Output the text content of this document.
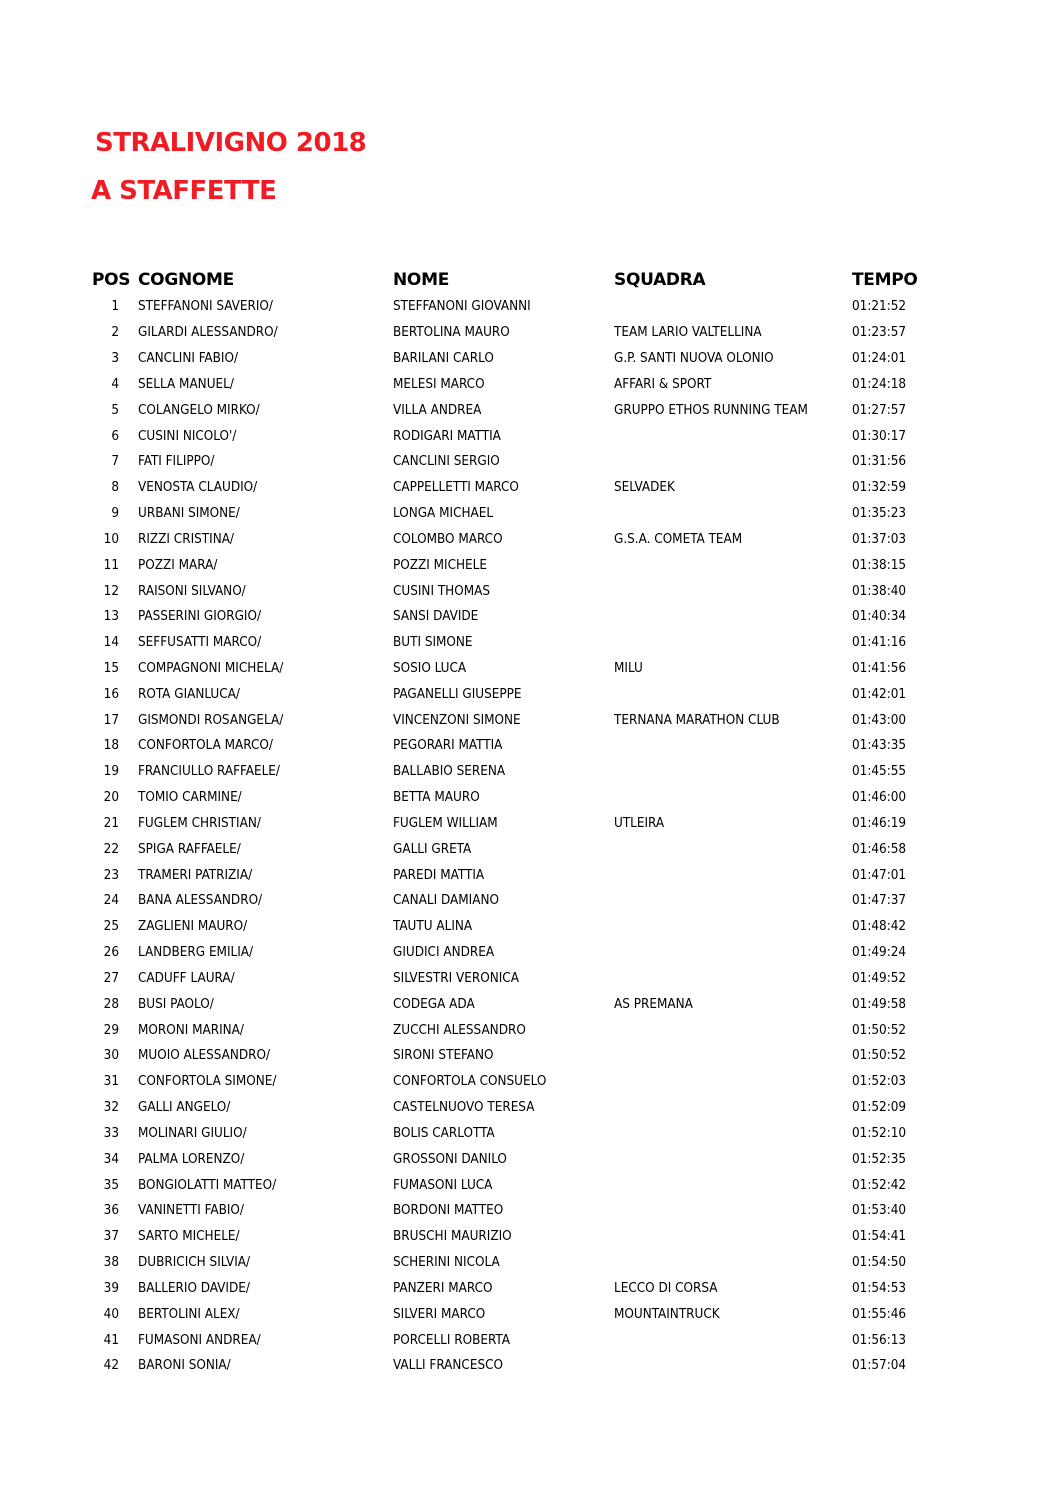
STRALIVIGNO 2018
A STAFFETTE
POS	COGNOME	NOME	SQUADRA	TEMPO
1	STEFFANONI SAVERIO/	STEFFANONI GIOVANNI		01:21:52
2	GILARDI ALESSANDRO/	BERTOLINA MAURO	TEAM LARIO VALTELLINA	01:23:57
3	CANCLINI FABIO/	BARILANI CARLO	G.P. SANTI NUOVA OLONIO	01:24:01
4	SELLA MANUEL/	MELESI MARCO	AFFARI & SPORT	01:24:18
5	COLANGELO MIRKO/	VILLA ANDREA	GRUPPO ETHOS RUNNING TEAM	01:27:57
6	CUSINI NICOLO'/	RODIGARI MATTIA		01:30:17
7	FATI FILIPPO/	CANCLINI SERGIO		01:31:56
8	VENOSTA CLAUDIO/	CAPPELLETTI MARCO	SELVADEK	01:32:59
9	URBANI SIMONE/	LONGA MICHAEL		01:35:23
10	RIZZI CRISTINA/	COLOMBO MARCO	G.S.A. COMETA TEAM	01:37:03
11	POZZI MARA/	POZZI MICHELE		01:38:15
12	RAISONI SILVANO/	CUSINI THOMAS		01:38:40
13	PASSERINI GIORGIO/	SANSI DAVIDE		01:40:34
14	SEFFUSATTI MARCO/	BUTI SIMONE		01:41:16
15	COMPAGNONI MICHELA/	SOSIO LUCA	MILU	01:41:56
16	ROTA GIANLUCA/	PAGANELLI GIUSEPPE		01:42:01
17	GISMONDI ROSANGELA/	VINCENZONI SIMONE	TERNANA MARATHON CLUB	01:43:00
18	CONFORTOLA MARCO/	PEGORARI MATTIA		01:43:35
19	FRANCIULLO RAFFAELE/	BALLABIO SERENA		01:45:55
20	TOMIO CARMINE/	BETTA MAURO		01:46:00
21	FUGLEM CHRISTIAN/	FUGLEM WILLIAM	UTLEIRA	01:46:19
22	SPIGA RAFFAELE/	GALLI GRETA		01:46:58
23	TRAMERI PATRIZIA/	PAREDI MATTIA		01:47:01
24	BANA ALESSANDRO/	CANALI DAMIANO		01:47:37
25	ZAGLIENI MAURO/	TAUTU ALINA		01:48:42
26	LANDBERG EMILIA/	GIUDICI ANDREA		01:49:24
27	CADUFF LAURA/	SILVESTRI VERONICA		01:49:52
28	BUSI PAOLO/	CODEGA ADA	AS PREMANA	01:49:58
29	MORONI MARINA/	ZUCCHI ALESSANDRO		01:50:52
30	MUOIO ALESSANDRO/	SIRONI STEFANO		01:50:52
31	CONFORTOLA SIMONE/	CONFORTOLA CONSUELO		01:52:03
32	GALLI ANGELO/	CASTELNUOVO TERESA		01:52:09
33	MOLINARI GIULIO/	BOLIS CARLOTTA		01:52:10
34	PALMA LORENZO/	GROSSONI DANILO		01:52:35
35	BONGIOLATTI MATTEO/	FUMASONI LUCA		01:52:42
36	VANINETTI FABIO/	BORDONI MATTEO		01:53:40
37	SARTO MICHELE/	BRUSCHI MAURIZIO		01:54:41
38	DUBRICICH SILVIA/	SCHERINI NICOLA		01:54:50
39	BALLERIO DAVIDE/	PANZERI MARCO	LECCO DI CORSA	01:54:53
40	BERTOLINI ALEX/	SILVERI MARCO	MOUNTAINTRUCK	01:55:46
41	FUMASONI ANDREA/	PORCELLI ROBERTA		01:56:13
42	BARONI SONIA/	VALLI FRANCESCO		01:57:04
